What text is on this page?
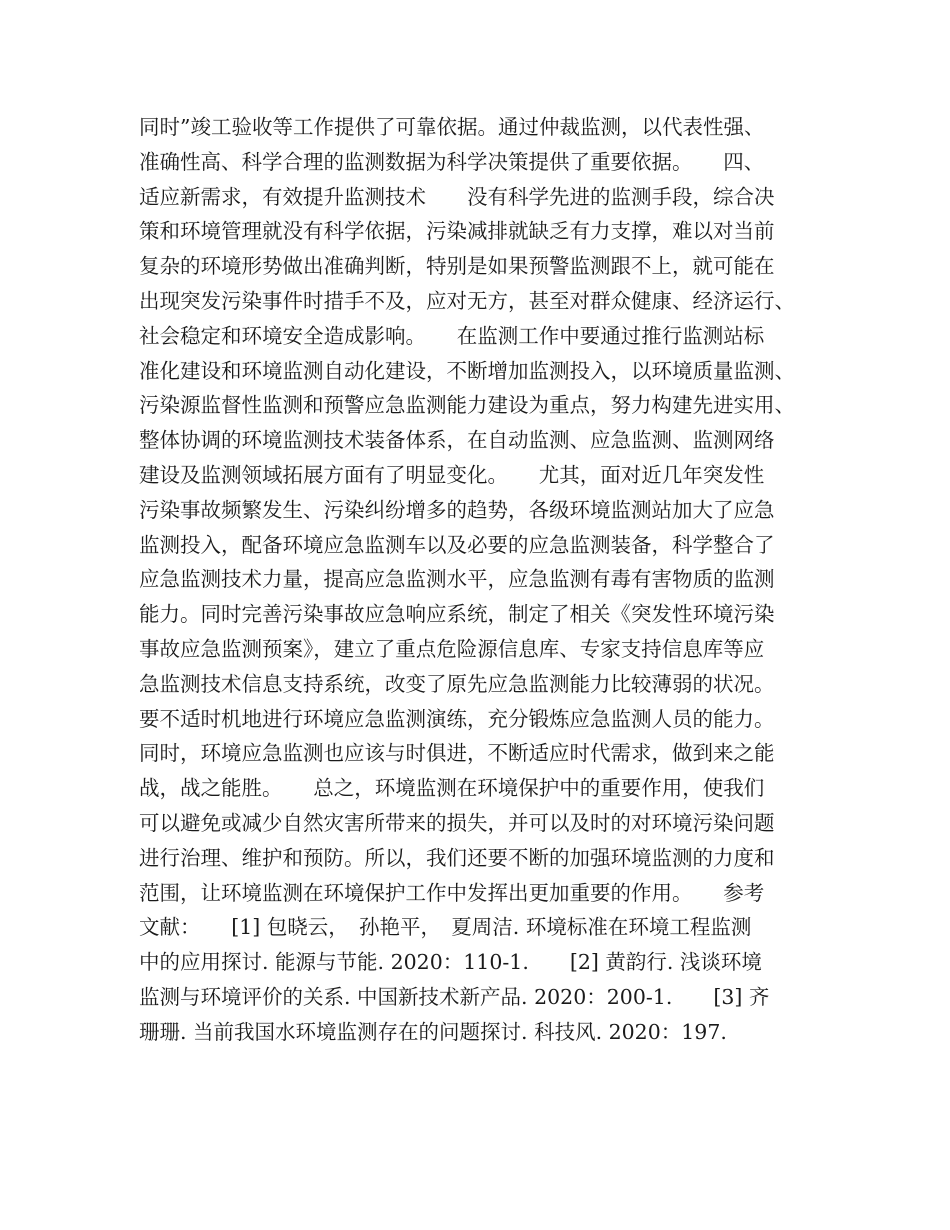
同时”竣工验收等工作提供了可靠依据。通过仲裁监测，以代表性强、
准确性高、科学合理的监测数据为科学决策提供了重要依据。　　四、
适应新需求，有效提升监测技术　　没有科学先进的监测手段，综合决
策和环境管理就没有科学依据，污染减排就缺乏有力支撑，难以对当前
复杂的环境形势做出准确判断，特别是如果预警监测跟不上，就可能在
出现突发污染事件时措手不及，应对无方，甚至对群众健康、经济运行、
社会稳定和环境安全造成影响。　　在监测工作中要通过推行监测站标
准化建设和环境监测自动化建设，不断增加监测投入，以环境质量监测、
污染源监督性监测和预警应急监测能力建设为重点，努力构建先进实用、
整体协调的环境监测技术装备体系，在自动监测、应急监测、监测网络
建设及监测领域拓展方面有了明显变化。　　尤其，面对近几年突发性
污染事故频繁发生、污染纠纷增多的趋势，各级环境监测站加大了应急
监测投入，配备环境应急监测车以及必要的应急监测装备，科学整合了
应急监测技术力量，提高应急监测水平，应急监测有毒有害物质的监测
能力。同时完善污染事故应急响应系统，制定了相关《突发性环境污染
事故应急监测预案》，建立了重点危险源信息库、专家支持信息库等应
急监测技术信息支持系统，改变了原先应急监测能力比较薄弱的状况。
要不适时机地进行环境应急监测演练，充分锻炼应急监测人员的能力。
同时，环境应急监测也应该与时俱进，不断适应时代需求，做到来之能
战，战之能胜。　　总之，环境监测在环境保护中的重要作用，使我们
可以避免或减少自然灾害所带来的损失，并可以及时的对环境污染问题
进行治理、维护和预防。所以，我们还要不断的加强环境监测的力度和
范围，让环境监测在环境保护工作中发挥出更加重要的作用。　　参考
文献：　　[1] 包晓云，　孙艳平，　夏周洁. 环境标准在环境工程监测
中的应用探讨. 能源与节能. 2020：110-1.　　[2] 黄韵行. 浅谈环境
监测与环境评价的关系. 中国新技术新产品. 2020：200-1.　　[3] 齐
珊珊. 当前我国水环境监测存在的问题探讨. 科技风. 2020：197.
